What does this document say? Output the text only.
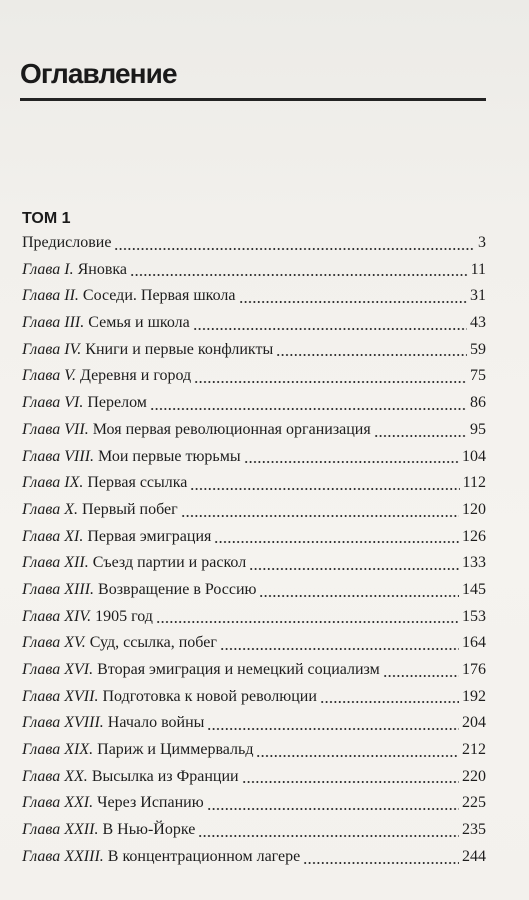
Оглавление
ТОМ 1
Предисловие	3
Глава I. Яновка	11
Глава II. Соседи. Первая школа	31
Глава III. Семья и школа	43
Глава IV. Книги и первые конфликты	59
Глава V. Деревня и город	75
Глава VI. Перелом	86
Глава VII. Моя первая революционная организация	95
Глава VIII. Мои первые тюрьмы	104
Глава IX. Первая ссылка	112
Глава X. Первый побег	120
Глава XI. Первая эмиграция	126
Глава XII. Съезд партии и раскол	133
Глава XIII. Возвращение в Россию	145
Глава XIV. 1905 год	153
Глава XV. Суд, ссылка, побег	164
Глава XVI. Вторая эмиграция и немецкий социализм	176
Глава XVII. Подготовка к новой революции	192
Глава XVIII. Начало войны	204
Глава XIX. Париж и Циммервальд	212
Глава XX. Высылка из Франции	220
Глава XXI. Через Испанию	225
Глава XXII. В Нью-Йорке	235
Глава XXIII. В концентрационном лагере	244
